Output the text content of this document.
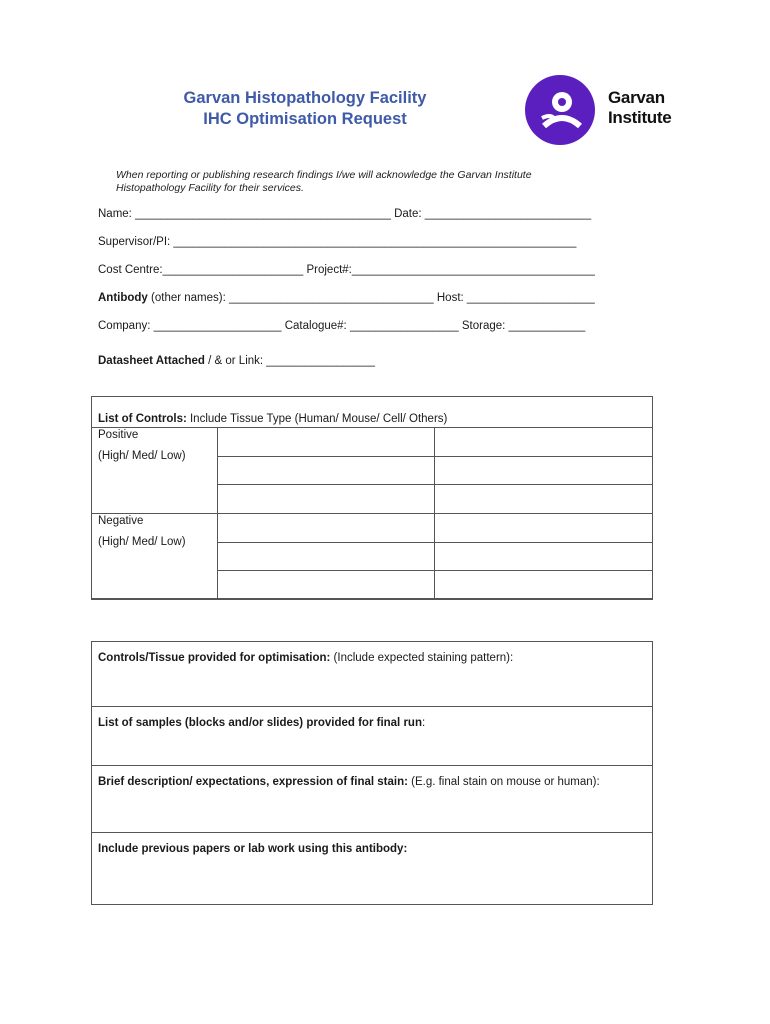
Garvan Histopathology Facility
IHC Optimisation Request
Garvan
Institute
When reporting or publishing research findings I/we will acknowledge the Garvan Institute
Histopathology Facility for their services.
Name: ________________________________________ Date: __________________________
Supervisor/PI: _______________________________________________________________
Cost Centre:______________________ Project#:______________________________________
Antibody (other names): ________________________________ Host: ____________________
Company: ____________________ Catalogue#: _________________ Storage: ____________
Datasheet Attached / & or Link: _________________
List of Controls: Include Tissue Type (Human/ Mouse/ Cell/ Others)
Positive
(High/ Med/ Low)
Negative
(High/ Med/ Low)
Controls/Tissue provided for optimisation: (Include expected staining pattern):
List of samples (blocks and/or slides) provided for final run:
Brief description/ expectations, expression of final stain: (E.g. final stain on mouse or human):
Include previous papers or lab work using this antibody:
